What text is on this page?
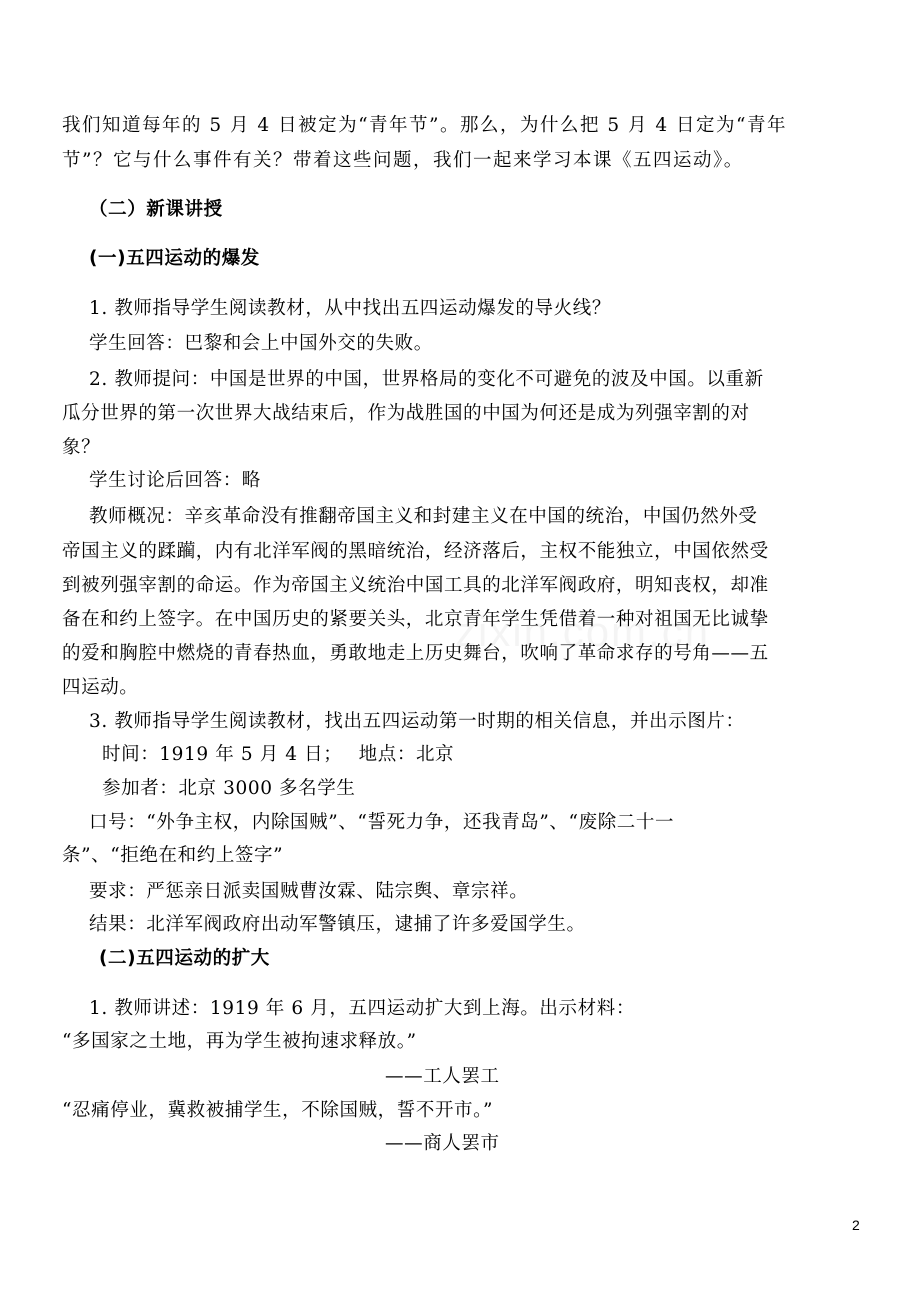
我们知道每年的 5 月 4 日被定为“青年节”。那么，为什么把 5 月 4 日定为“青年
节”？它与什么事件有关？带着这些问题，我们一起来学习本课《五四运动》。
（二）新课讲授
(一)五四运动的爆发
1. 教师指导学生阅读教材，从中找出五四运动爆发的导火线？
学生回答：巴黎和会上中国外交的失败。
2. 教师提问：中国是世界的中国，世界格局的变化不可避免的波及中国。以重新
瓜分世界的第一次世界大战结束后，作为战胜国的中国为何还是成为列强宰割的对
象？
学生讨论后回答：略
教师概况：辛亥革命没有推翻帝国主义和封建主义在中国的统治，中国仍然外受
帝国主义的蹂躏，内有北洋军阀的黑暗统治，经济落后，主权不能独立，中国依然受
到被列强宰割的命运。作为帝国主义统治中国工具的北洋军阀政府，明知丧权，却准
备在和约上签字。在中国历史的紧要关头，北京青年学生凭借着一种对祖国无比诚挚
的爱和胸腔中燃烧的青春热血，勇敢地走上历史舞台，吹响了革命求存的号角——五
四运动。
3. 教师指导学生阅读教材，找出五四运动第一时期的相关信息，并出示图片：
时间：1919 年 5 月 4 日；　 地点：北京
参加者：北京 3000 多名学生
口号：“外争主权，内除国贼”、“誓死力争，还我青岛”、“废除二十一
条”、“拒绝在和约上签字”
要求：严惩亲日派卖国贼曹汝霖、陆宗舆、章宗祥。
结果：北洋军阀政府出动军警镇压，逮捕了许多爱国学生。
(二)五四运动的扩大
1. 教师讲述：1919 年 6 月，五四运动扩大到上海。出示材料：
“多国家之土地，再为学生被拘速求释放。”
——工人罢工
“忍痛停业，冀救被捕学生，不除国贼，誓不开市。”
——商人罢市
2
